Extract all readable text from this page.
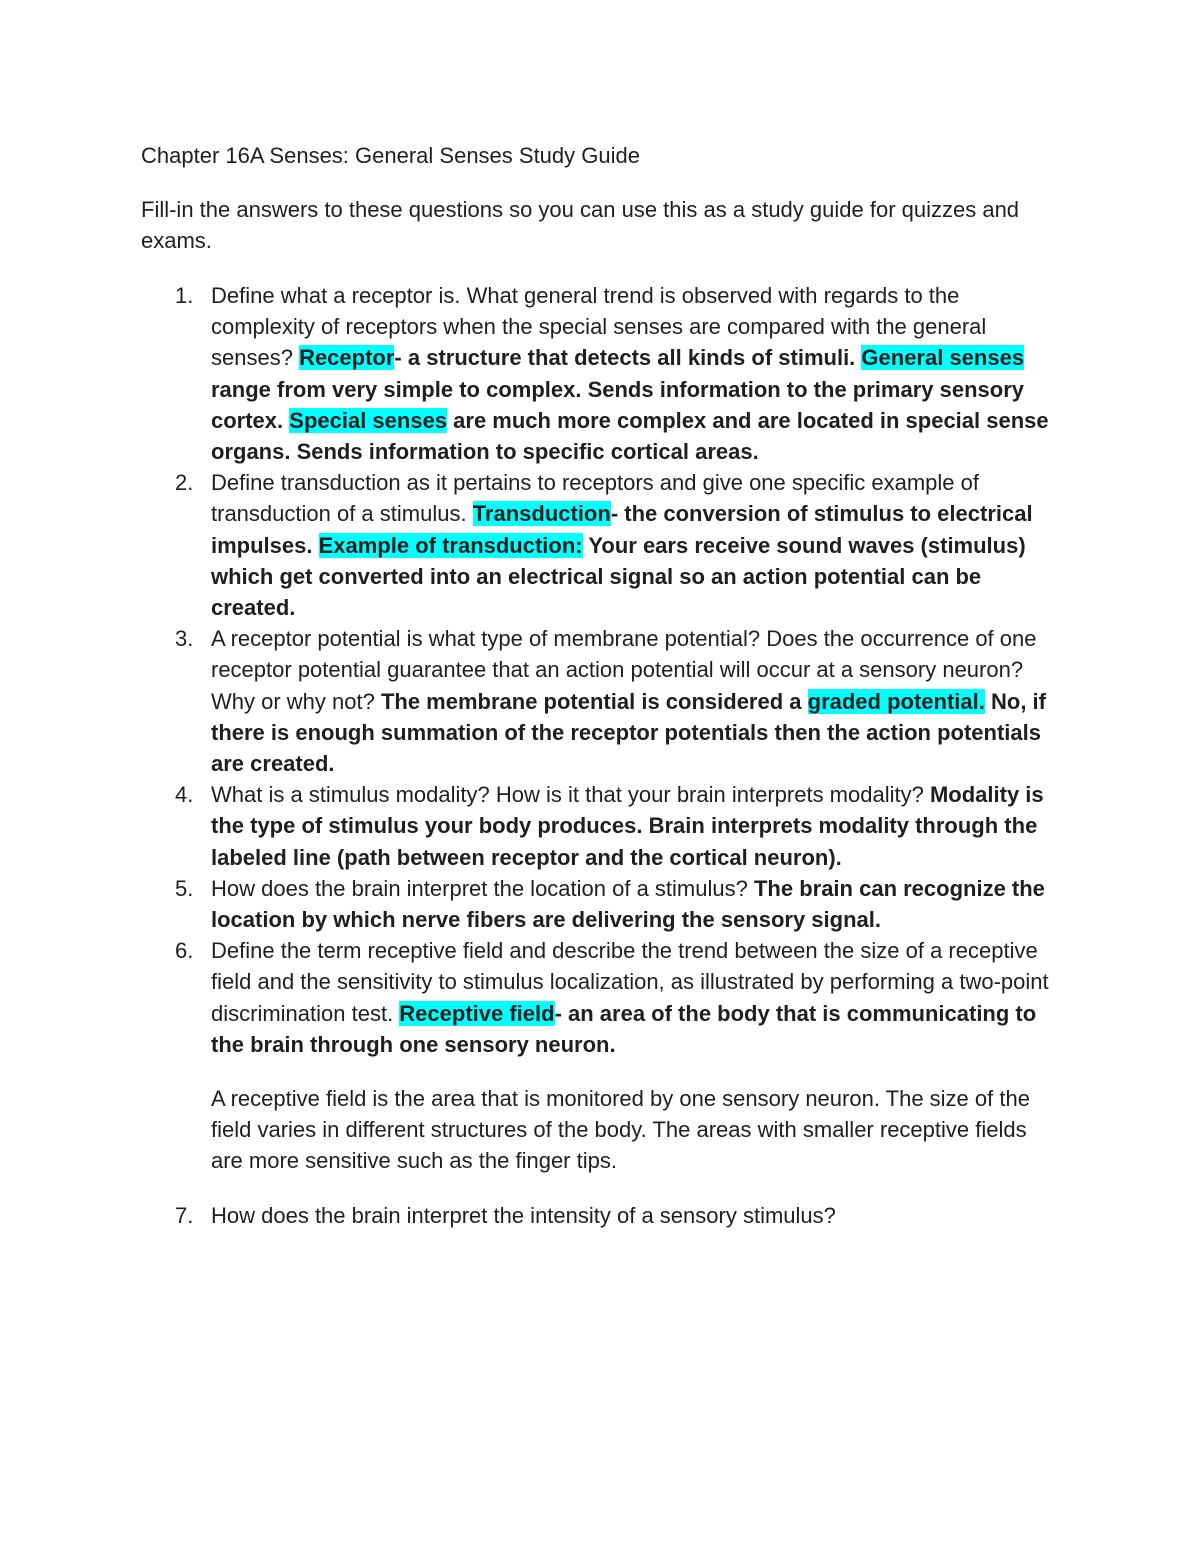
Chapter 16A Senses: General Senses Study Guide

Fill-in the answers to these questions so you can use this as a study guide for quizzes and exams.

1. Define what a receptor is. What general trend is observed with regards to the complexity of receptors when the special senses are compared with the general senses? Receptor- a structure that detects all kinds of stimuli. General senses range from very simple to complex. Sends information to the primary sensory cortex. Special senses are much more complex and are located in special sense organs. Sends information to specific cortical areas.
2. Define transduction as it pertains to receptors and give one specific example of transduction of a stimulus. Transduction- the conversion of stimulus to electrical impulses. Example of transduction: Your ears receive sound waves (stimulus) which get converted into an electrical signal so an action potential can be created.
3. A receptor potential is what type of membrane potential? Does the occurrence of one receptor potential guarantee that an action potential will occur at a sensory neuron? Why or why not? The membrane potential is considered a graded potential. No, if there is enough summation of the receptor potentials then the action potentials are created.
4. What is a stimulus modality? How is it that your brain interprets modality? Modality is the type of stimulus your body produces. Brain interprets modality through the labeled line (path between receptor and the cortical neuron).
5. How does the brain interpret the location of a stimulus? The brain can recognize the location by which nerve fibers are delivering the sensory signal.
6. Define the term receptive field and describe the trend between the size of a receptive field and the sensitivity to stimulus localization, as illustrated by performing a two-point discrimination test. Receptive field- an area of the body that is communicating to the brain through one sensory neuron.

A receptive field is the area that is monitored by one sensory neuron. The size of the field varies in different structures of the body. The areas with smaller receptive fields are more sensitive such as the finger tips.

7. How does the brain interpret the intensity of a sensory stimulus?
